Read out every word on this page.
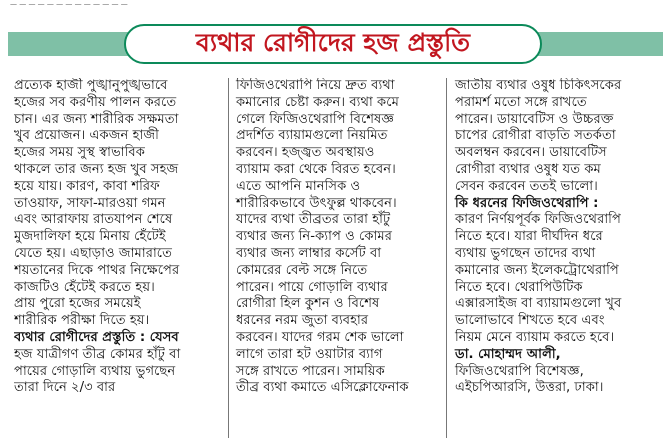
— — — — — — — — — — — — —
ব্যথার রোগীদের হজ প্রস্তুতি
প্রত্যেক হাজী পুঙ্খানুপুঙ্খভাবে
হজের সব করণীয় পালন করতে
চান। এর জন্য শারীরিক সক্ষমতা
খুব প্রয়োজন। একজন হাজী
হজের সময় সুস্থ স্বাভাবিক
থাকলে তার জন্য হজ খুব সহজ
হয়ে যায়। কারণ, কাবা শরিফ
তাওয়াফ, সাফা-মারওয়া গমন
এবং আরাফায় রাতযাপন শেষে
মুজদালিফা হয়ে মিনায় হেঁটেই
যেতে হয়। এছাড়াও জামারাতে
শয়তানের দিকে পাথর নিক্ষেপের
কাজটিও হেঁটেই করতে হয়।
প্রায় পুরো হজের সময়েই
শারীরিক পরীক্ষা দিতে হয়।
ব্যথার রোগীদের প্রস্তুতি : যেসব
হজ যাত্রীগণ তীব্র কোমর হাঁটু বা
পায়ের গোড়ালি ব্যথায় ভুগছেন
তারা দিনে ২/৩ বার
ফিজিওথেরাপি নিয়ে দ্রুত ব্যথা
কমানোর চেষ্টা করুন। ব্যথা কমে
গেলে ফিজিওথেরাপি বিশেষজ্ঞ
প্রদর্শিত ব্যায়ামগুলো নিয়মিত
করবেন। হজ্জ্বত অবস্থায়ও
ব্যায়াম করা থেকে বিরত হবেন।
এতে আপনি মানসিক ও
শারীরিকভাবে উৎফুল্ল থাকবেন।
যাদের ব্যথা তীব্রতর তারা হাঁটু
ব্যথার জন্য নি-ক্যাপ ও কোমর
ব্যথার জন্য লাম্বার কর্সেট বা
কোমরের বেল্ট সঙ্গে নিতে
পারেন। পায়ে গোড়ালি ব্যথার
রোগীরা হিল কুশন ও বিশেষ
ধরনের নরম জুতা ব্যবহার
করবেন। যাদের গরম শেক ভালো
লাগে তারা হট ওয়াটার ব্যাগ
সঙ্গে রাখতে পারেন। সাময়িক
তীব্র ব্যথা কমাতে এসিক্লোফেনাক
জাতীয় ব্যথার ওষুধ চিকিৎসকের
পরামর্শ মতো সঙ্গে রাখতে
পারেন। ডায়াবেটিস ও উচ্চরক্ত
চাপের রোগীরা বাড়তি সতর্কতা
অবলম্বন করবেন। ডায়াবেটিস
রোগীরা ব্যথার ওষুধ যত কম
সেবন করবেন ততই ভালো।
কি ধরনের ফিজিওথেরাপি :
কারণ নির্ণয়পূর্বক ফিজিওথেরাপি
নিতে হবে। যারা দীর্ঘদিন ধরে
ব্যথায় ভুগছেন তাদের ব্যথা
কমানোর জন্য ইলেকট্রোথেরাপি
নিতে হবে। থেরাপিউটিক
এক্সারসাইজ বা ব্যায়ামগুলো খুব
ভালোভাবে শিখতে হবে এবং
নিয়ম মেনে ব্যায়াম করতে হবে।
ডা. মোহাম্মদ আলী,
ফিজিওথেরাপি বিশেষজ্ঞ,
এইচপিআরসি, উত্তরা, ঢাকা।
